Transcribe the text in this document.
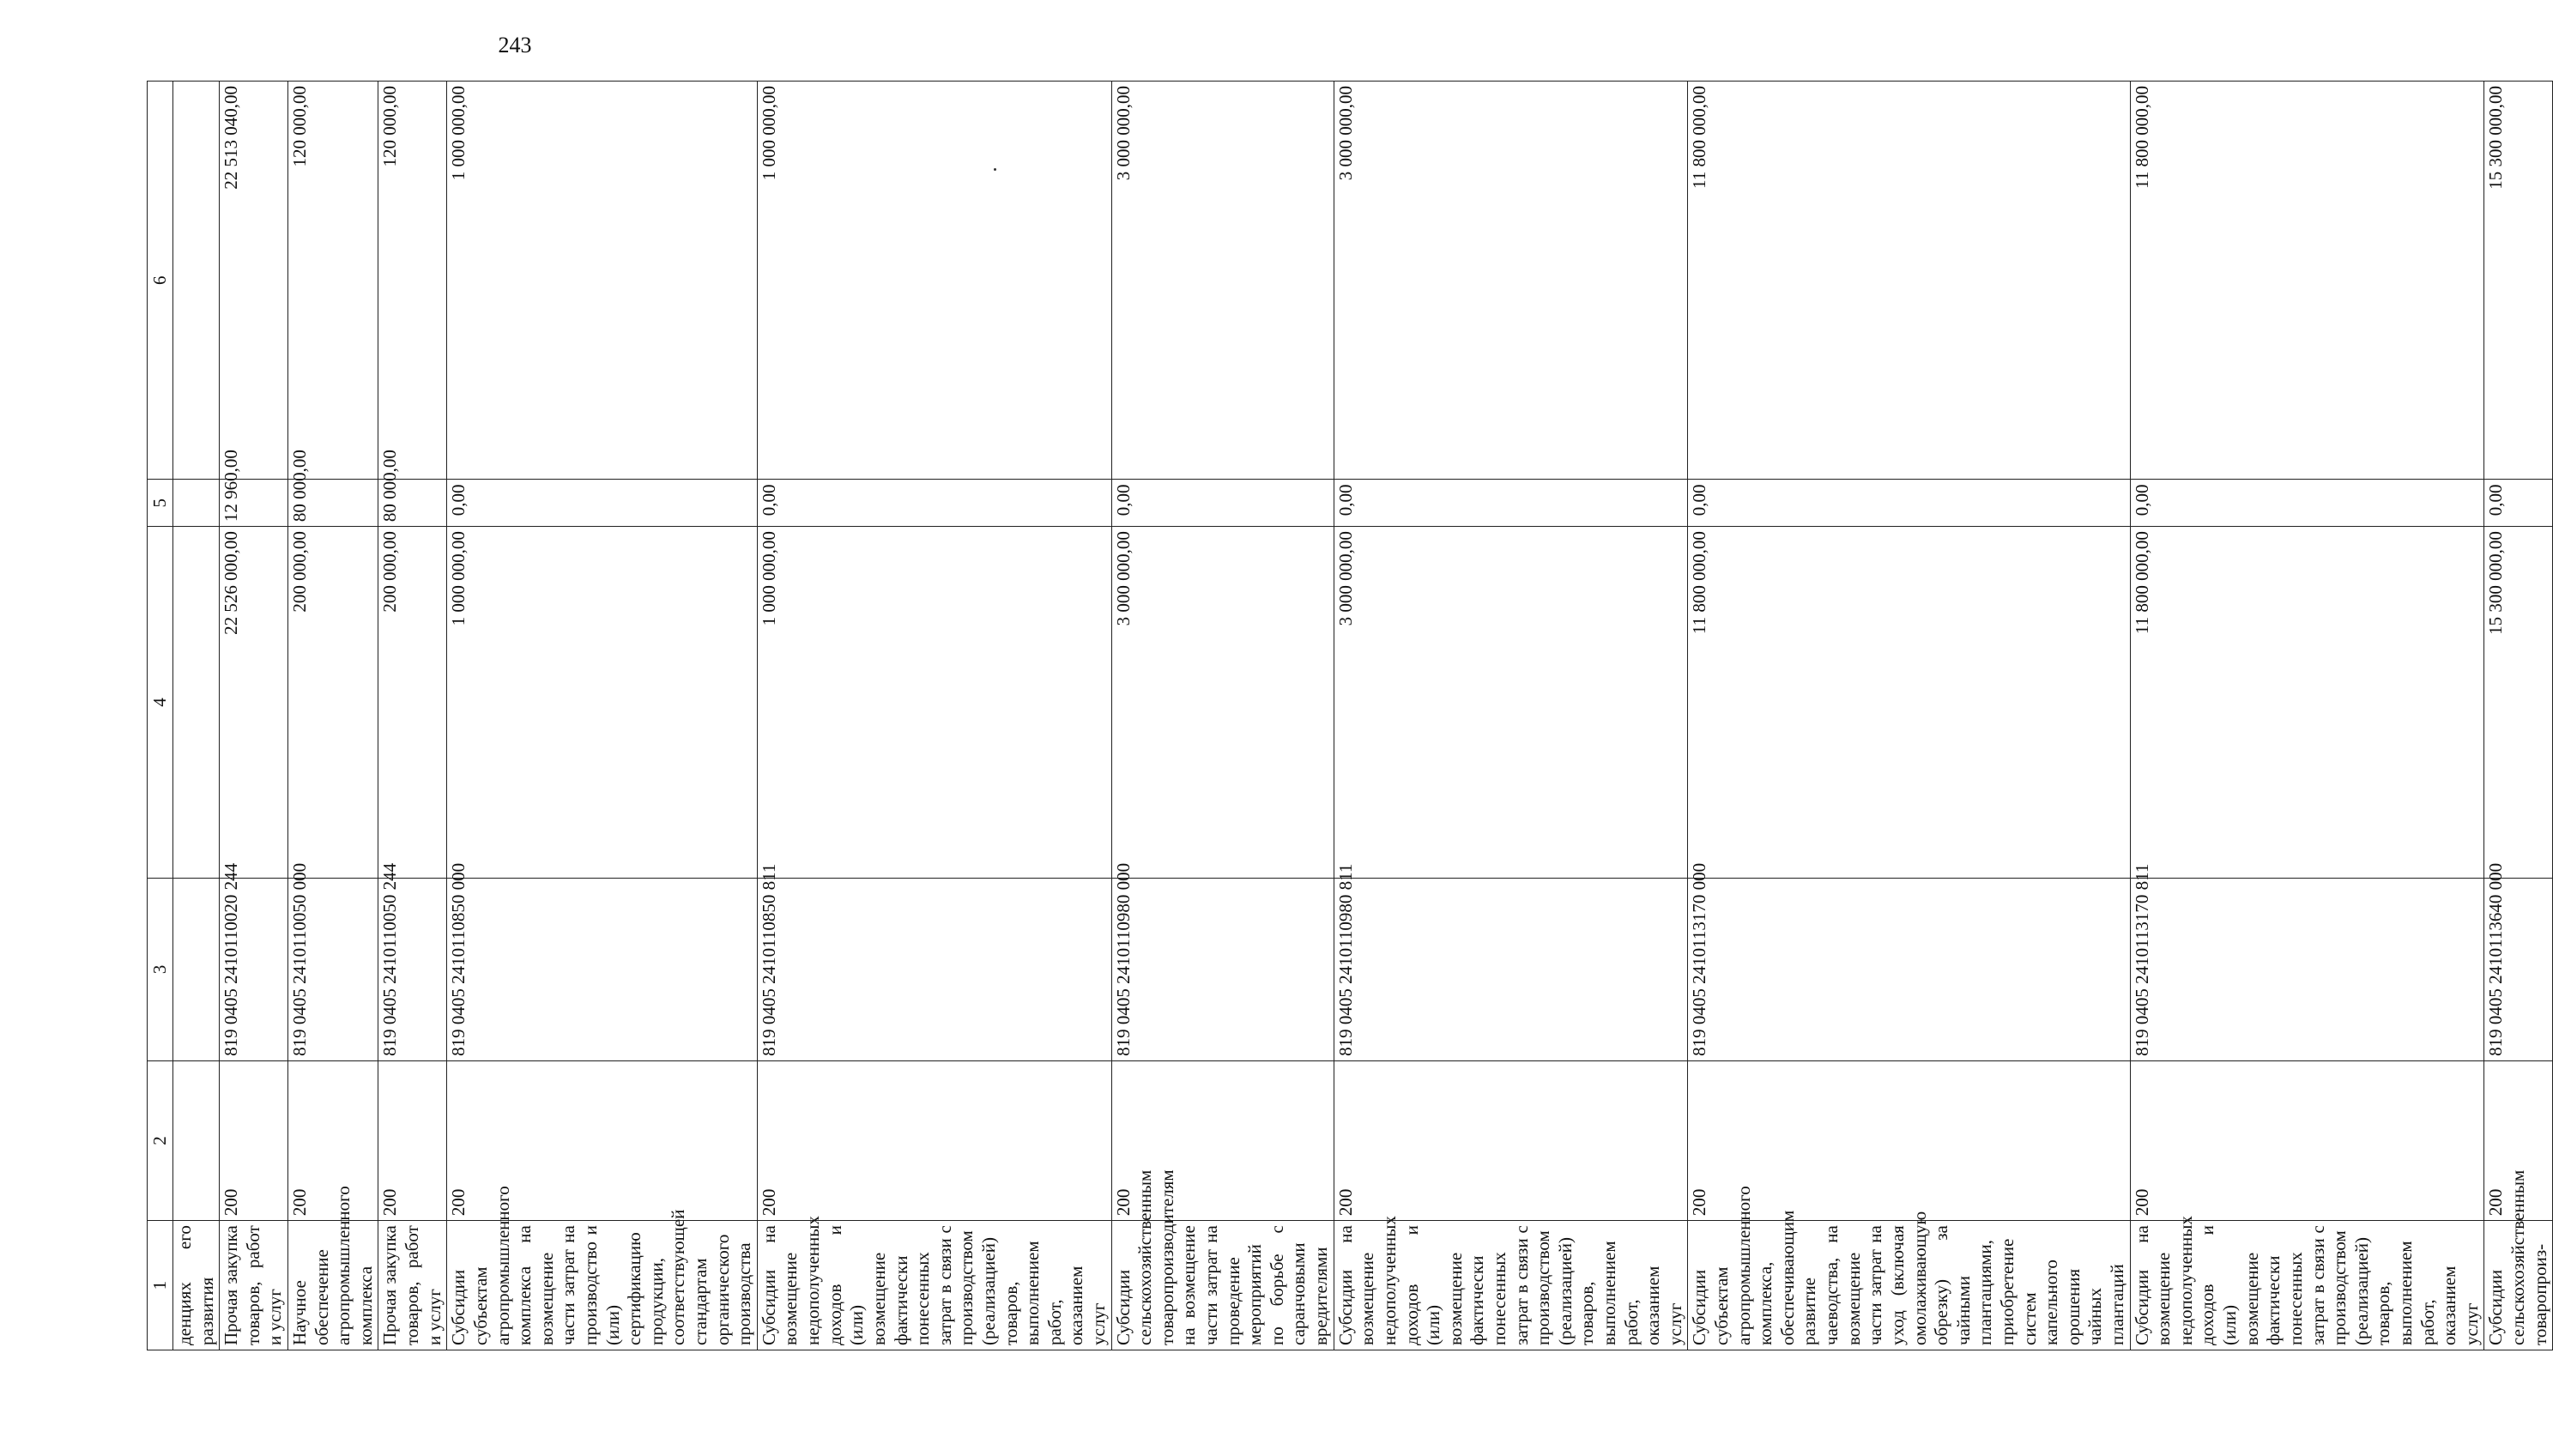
243
1	2	3	4	5	6
денциях его развития					
Прочая закупка товаров, работ и услуг	200	819 0405 2410110020 244	22 526 000,00	12 960,00	22 513 040,00
Научное обеспечение агропромышленного комплекса	200	819 0405 2410110050 000	200 000,00	80 000,00	120 000,00
Прочая закупка товаров, работ и услуг	200	819 0405 2410110050 244	200 000,00	80 000,00	120 000,00
Субсидии субъектам агропромышленного комплекса на возмещение части затрат на производство и (или) сертификацию продукции, соответствующей стандартам органического производства	200	819 0405 2410110850 000	1 000 000,00	0,00	1 000 000,00
Субсидии на возмещение недополученных доходов и (или) возмещение фактически понесенных затрат в связи с производством (реализацией) товаров, выполнением работ, оказанием услуг	200	819 0405 2410110850 811	1 000 000,00	0,00	1 000 000,00
Субсидии сельскохозяйственным товаропроизводителям на возмещение части затрат на проведение мероприятий по борьбе с саранчовыми вредителями	200	819 0405 2410110980 000	3 000 000,00	0,00	3 000 000,00
Субсидии на возмещение недополученных доходов и (или) возмещение фактически понесенных затрат в связи с производством (реализацией) товаров, выполнением работ, оказанием услуг	200	819 0405 2410110980 811	3 000 000,00	0,00	3 000 000,00
Субсидии субъектам агропромышленного комплекса, обеспечивающим развитие чаеводства, на возмещение части затрат на уход (включая омолаживающую обрезку) за чайными плантациями, приобретение систем капельного орошения чайных плантаций	200	819 0405 2410113170 000	11 800 000,00	0,00	11 800 000,00
Субсидии на возмещение недополученных доходов и (или) возмещение фактически понесенных затрат в связи с производством (реализацией) товаров, выполнением работ, оказанием услуг	200	819 0405 2410113170 811	11 800 000,00	0,00	11 800 000,00
Субсидии сельскохозяйственным товаропроиз-	200	819 0405 2410113640 000	15 300 000,00	0,00	15 300 000,00
